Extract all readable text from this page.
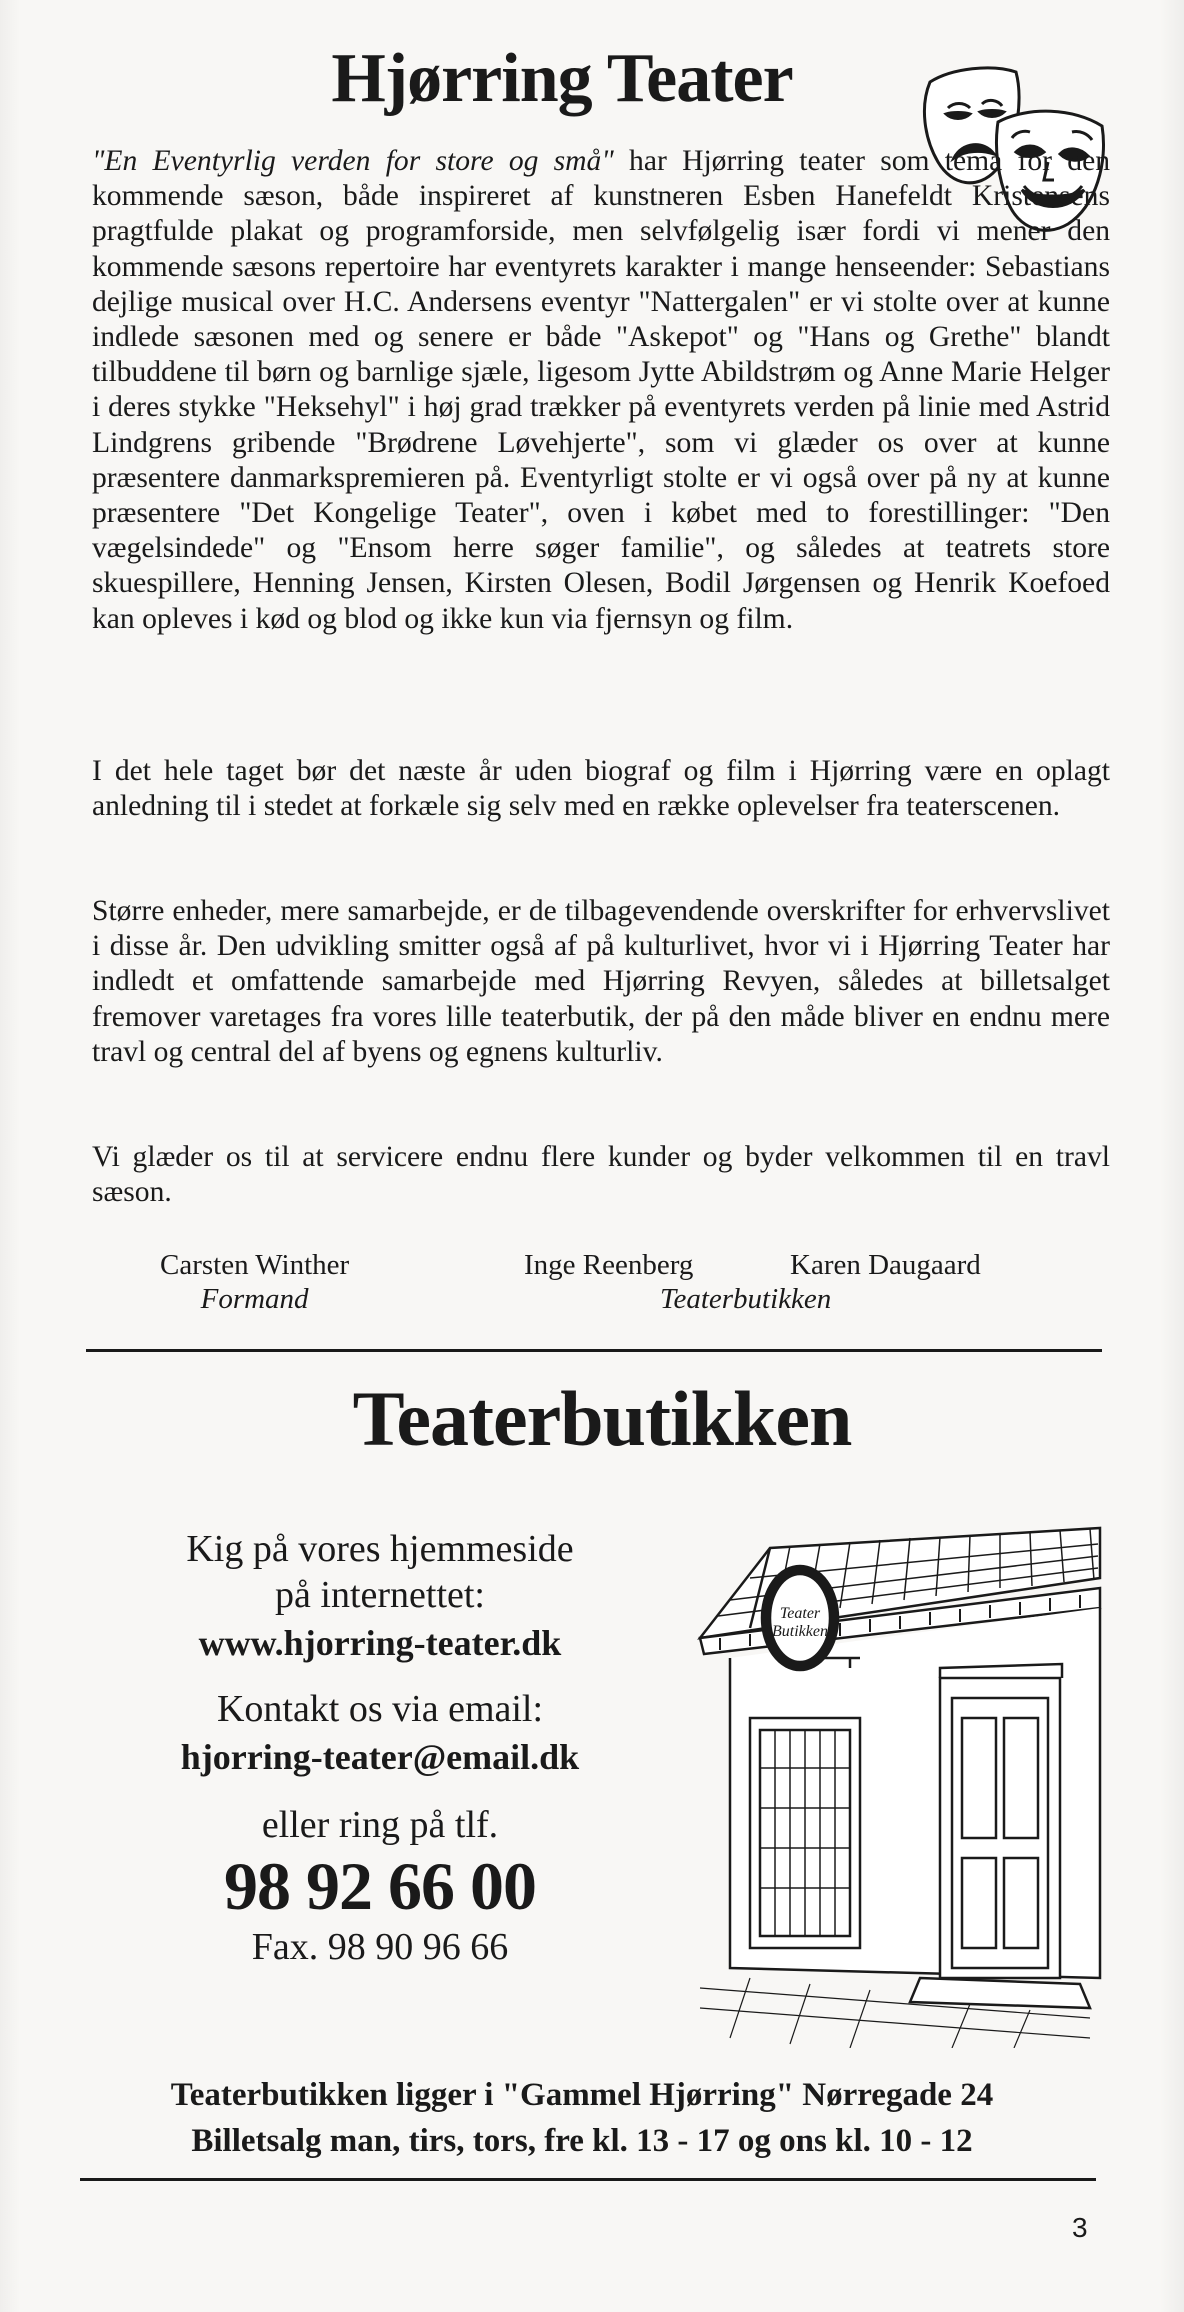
Hjørring Teater

"En Eventyrlig verden for store og små" har Hjørring teater som tema for den kommende sæson, både inspireret af kunstneren Esben Hanefeldt Kristensens pragtfulde plakat og programforside, men selvfølgelig især fordi vi mener den kommende sæsons repertoire har eventyrets karakter i mange henseender: Sebastians dejlige musical over H.C. Andersens eventyr "Nattergalen" er vi stolte over at kunne indlede sæsonen med og senere er både "Askepot" og "Hans og Grethe" blandt tilbuddene til børn og barnlige sjæle, ligesom Jytte Abildstrøm og Anne Marie Helger i deres stykke "Heksehyl" i høj grad trækker på eventyrets verden på linie med Astrid Lindgrens gribende "Brødrene Løvehjerte", som vi glæder os over at kunne præsentere danmarkspremieren på. Eventyrligt stolte er vi også over på ny at kunne præsentere "Det Kongelige Teater", oven i købet med to forestillinger: "Den vægelsindede" og "Ensom herre søger familie", og således at teatrets store skuespillere, Henning Jensen, Kirsten Olesen, Bodil Jørgensen og Henrik Koefoed kan opleves i kød og blod og ikke kun via fjernsyn og film.

I det hele taget bør det næste år uden biograf og film i Hjørring være en oplagt anledning til i stedet at forkæle sig selv med en række oplevelser fra teaterscenen.

Større enheder, mere samarbejde, er de tilbagevendende overskrifter for erhvervslivet i disse år. Den udvikling smitter også af på kulturlivet, hvor vi i Hjørring Teater har indledt et omfattende samarbejde med Hjørring Revyen, således at billetsalget fremover varetages fra vores lille teaterbutik, der på den måde bliver en endnu mere travl og central del af byens og egnens kulturliv.

Vi glæder os til at servicere endnu flere kunder og byder velkommen til en travl sæson.

Carsten Winther
Formand
Inge Reenberg	Karen Daugaard
Teaterbutikken
Teaterbutikken
Kig på vores hjemmeside
på internettet:
www.hjorring-teater.dk
Kontakt os via email:
hjorring-teater@email.dk
eller ring på tlf.
98 92 66 00
Fax. 98 90 96 66
Teater
Butikken
Teaterbutikken ligger i "Gammel Hjørring" Nørregade 24
Billetsalg man, tirs, tors, fre kl. 13 - 17 og ons kl. 10 - 12
3
